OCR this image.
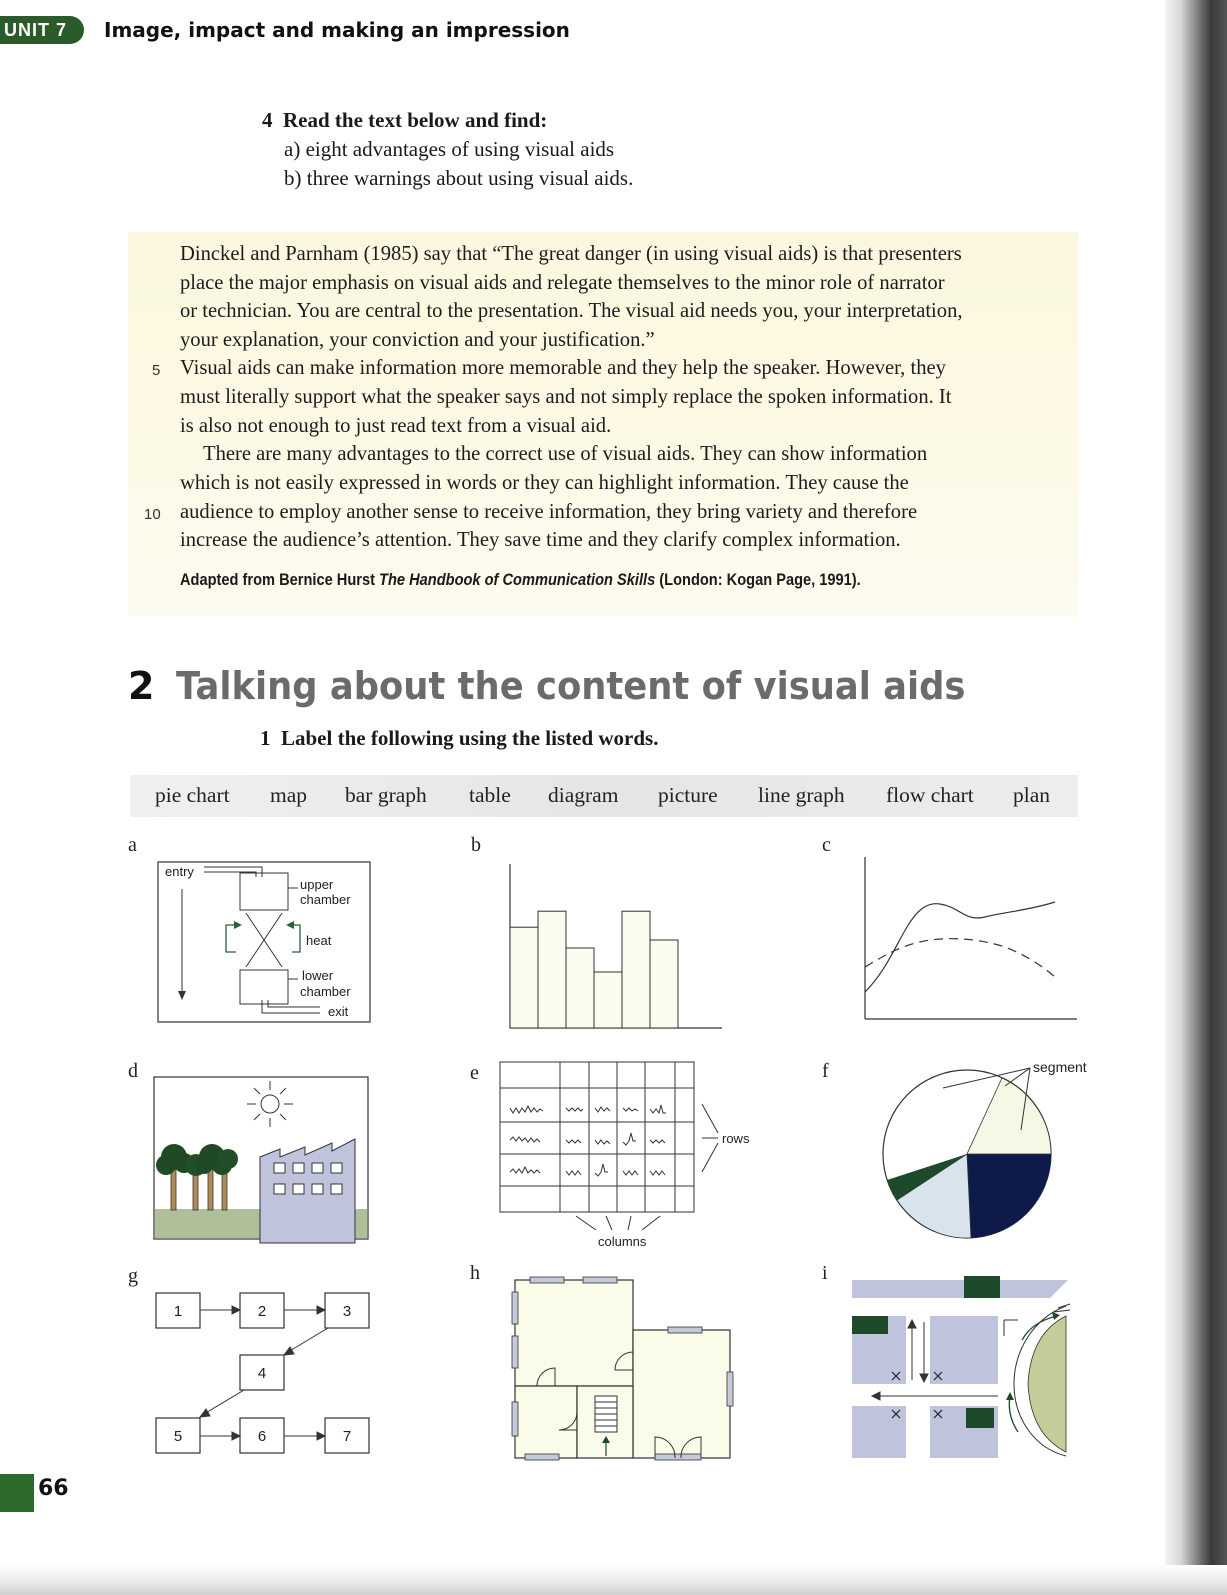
UNIT 7	Image, impact and making an impression
4 Read the text below and find:
a) eight advantages of using visual aids
b) three warnings about using visual aids.
Dinckel and Parnham (1985) say that “The great danger (in using visual aids) is that presenters
place the major emphasis on visual aids and relegate themselves to the minor role of narrator
or technician. You are central to the presentation. The visual aid needs you, your interpretation,
your explanation, your conviction and your justification.”
Visual aids can make information more memorable and they help the speaker. However, they
must literally support what the speaker says and not simply replace the spoken information. It
is also not enough to just read text from a visual aid.
There are many advantages to the correct use of visual aids. They can show information
which is not easily expressed in words or they can highlight information. They cause the
audience to employ another sense to receive information, they bring variety and therefore
increase the audience’s attention. They save time and they clarify complex information.
5
10
Adapted from Bernice Hurst The Handbook of Communication Skills (London: Kogan Page, 1991).
2 Talking about the content of visual aids
1 Label the following using the listed words.
pie chart map bar graph table diagram picture line graph flow chart plan
a	b	c
d	e	f
g	h	i
entry
upper
chamber
heat
lower
chamber
exit
rows
columns
segment
1	2	3
4
5	6	7
66
